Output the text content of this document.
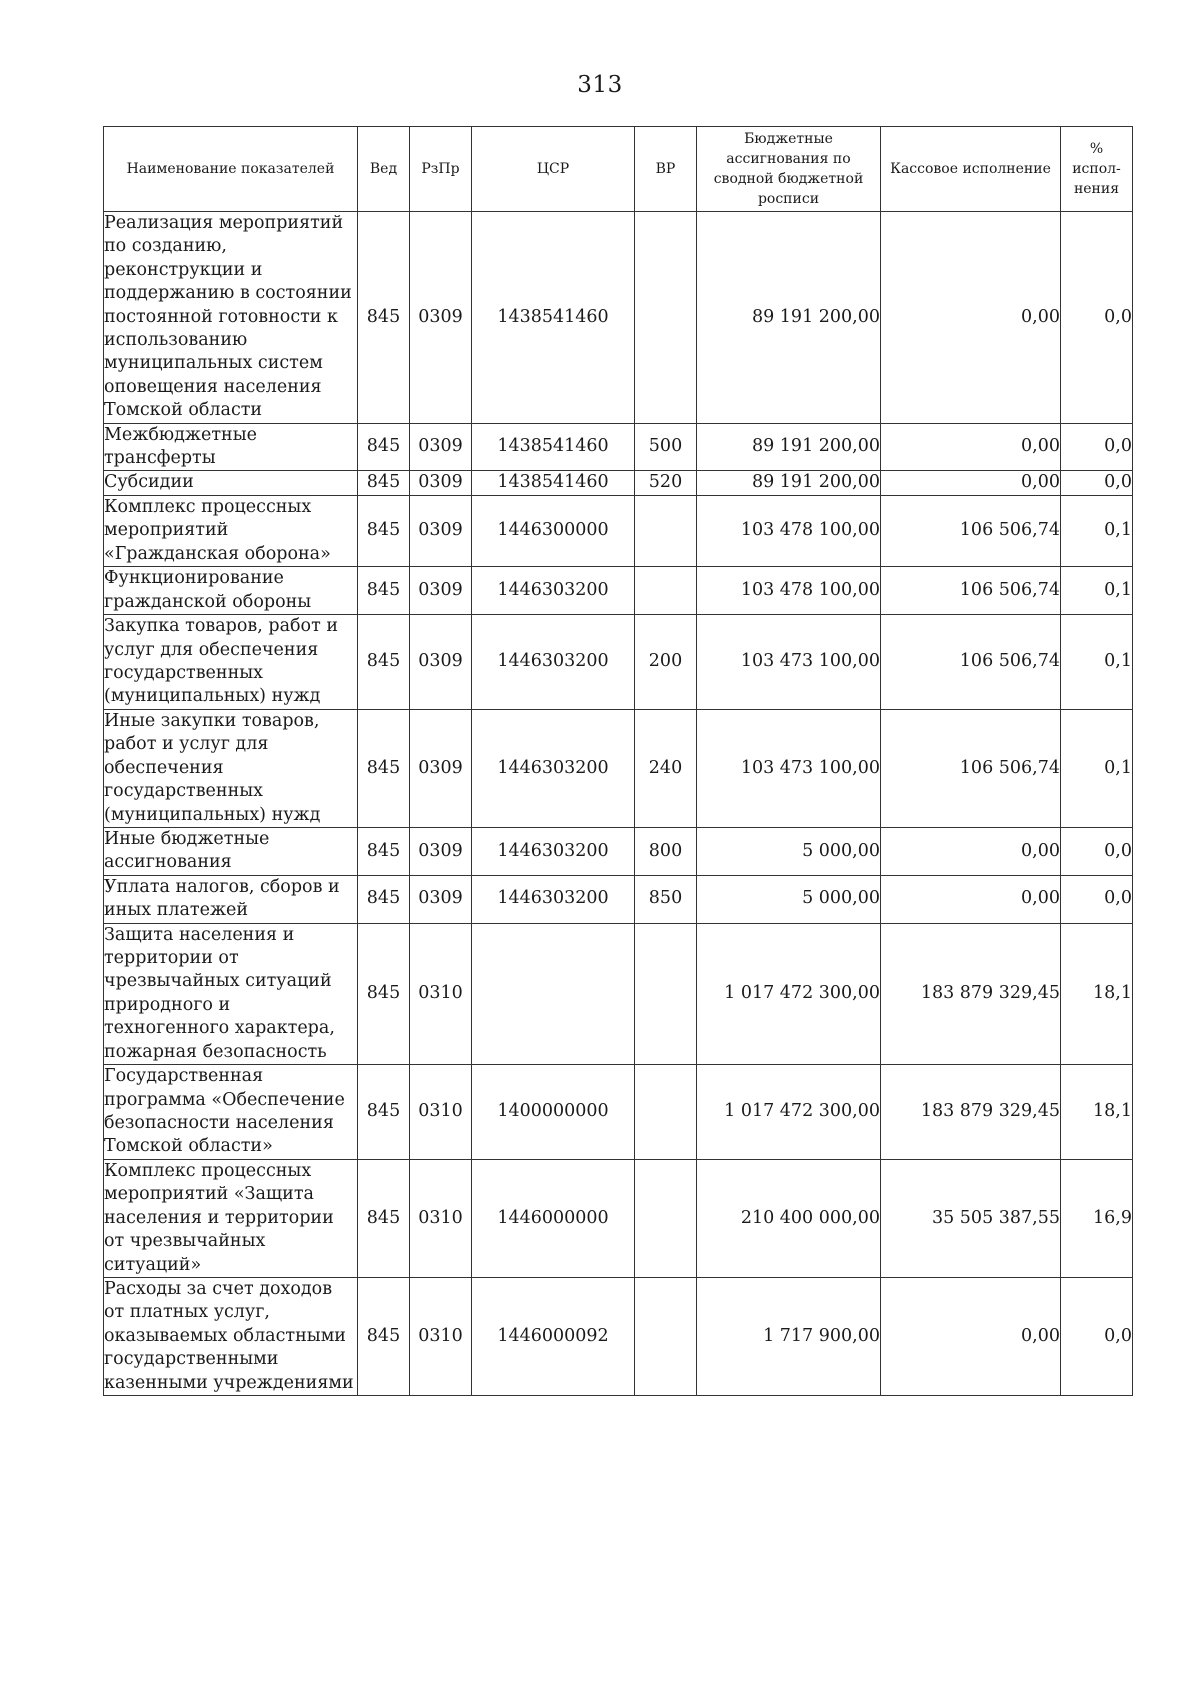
313
Наименование показателей	Вед	РзПр	ЦСР	ВР	Бюджетные ассигнования по сводной бюджетной росписи	Кассовое исполнение	% испол-нения
Реализация мероприятий по созданию, реконструкции и поддержанию в состоянии постоянной готовности к использованию муниципальных систем оповещения населения Томской области	845	0309	1438541460		89 191 200,00	0,00	0,0
Межбюджетные трансферты	845	0309	1438541460	500	89 191 200,00	0,00	0,0
Субсидии	845	0309	1438541460	520	89 191 200,00	0,00	0,0
Комплекс процессных мероприятий «Гражданская оборона»	845	0309	1446300000		103 478 100,00	106 506,74	0,1
Функционирование гражданской обороны	845	0309	1446303200		103 478 100,00	106 506,74	0,1
Закупка товаров, работ и услуг для обеспечения государственных (муниципальных) нужд	845	0309	1446303200	200	103 473 100,00	106 506,74	0,1
Иные закупки товаров, работ и услуг для обеспечения государственных (муниципальных) нужд	845	0309	1446303200	240	103 473 100,00	106 506,74	0,1
Иные бюджетные ассигнования	845	0309	1446303200	800	5 000,00	0,00	0,0
Уплата налогов, сборов и иных платежей	845	0309	1446303200	850	5 000,00	0,00	0,0
Защита населения и территории от чрезвычайных ситуаций природного и техногенного характера, пожарная безопасность	845	0310			1 017 472 300,00	183 879 329,45	18,1
Государственная программа «Обеспечение безопасности населения Томской области»	845	0310	1400000000		1 017 472 300,00	183 879 329,45	18,1
Комплекс процессных мероприятий «Защита населения и территории от чрезвычайных ситуаций»	845	0310	1446000000		210 400 000,00	35 505 387,55	16,9
Расходы за счет доходов от платных услуг, оказываемых областными государственными казенными учреждениями	845	0310	1446000092		1 717 900,00	0,00	0,0
